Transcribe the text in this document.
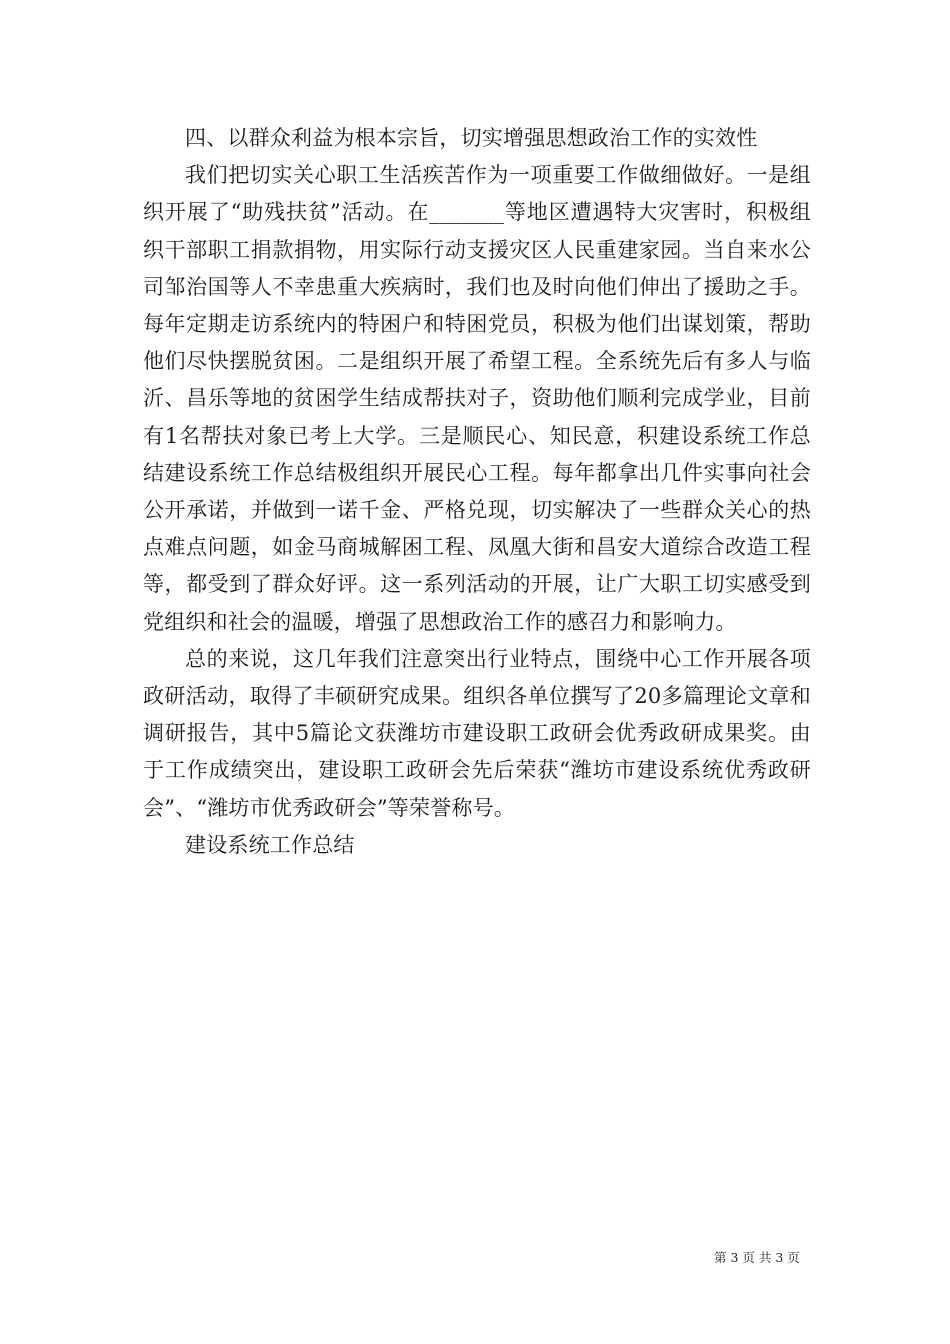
四、以群众利益为根本宗旨，切实增强思想政治工作的实效性

我们把切实关心职工生活疾苦作为一项重要工作做细做好。一是组织开展了“助残扶贫”活动。在_______等地区遭遇特大灾害时，积极组织干部职工捐款捐物，用实际行动支援灾区人民重建家园。当自来水公司邹治国等人不幸患重大疾病时，我们也及时向他们伸出了援助之手。每年定期走访系统内的特困户和特困党员，积极为他们出谋划策，帮助他们尽快摆脱贫困。二是组织开展了希望工程。全系统先后有多人与临沂、昌乐等地的贫困学生结成帮扶对子，资助他们顺利完成学业，目前有1名帮扶对象已考上大学。三是顺民心、知民意，积建设系统工作总结建设系统工作总结极组织开展民心工程。每年都拿出几件实事向社会公开承诺，并做到一诺千金、严格兑现，切实解决了一些群众关心的热点难点问题，如金马商城解困工程、凤凰大街和昌安大道综合改造工程等，都受到了群众好评。这一系列活动的开展，让广大职工切实感受到党组织和社会的温暖，增强了思想政治工作的感召力和影响力。

总的来说，这几年我们注意突出行业特点，围绕中心工作开展各项政研活动，取得了丰硕研究成果。组织各单位撰写了20多篇理论文章和调研报告，其中5篇论文获潍坊市建设职工政研会优秀政研成果奖。由于工作成绩突出，建设职工政研会先后荣获“潍坊市建设系统优秀政研会”、“潍坊市优秀政研会”等荣誉称号。

建设系统工作总结

第 3 页 共 3 页
